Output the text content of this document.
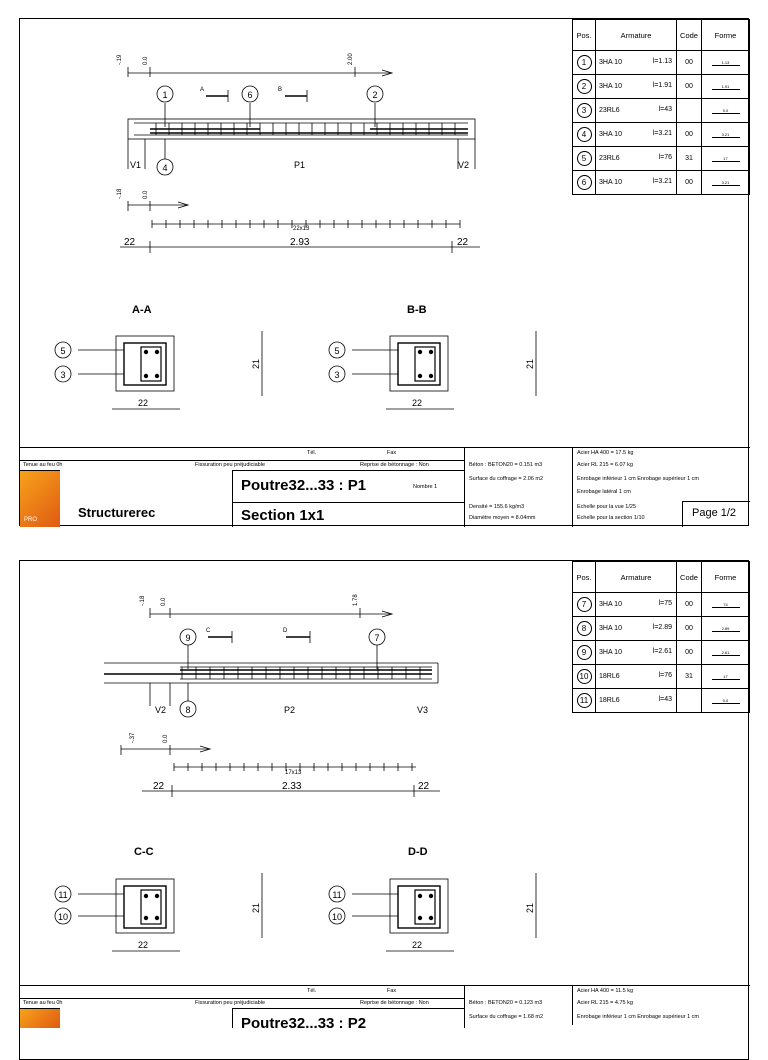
-.19	0.0	2.00
A	B
1	6	2
4
V1	V2
P1
-.18	0.0
22x13
22	2.93	22
A-A	B-B
5
3
5
3
22	22
21	21
Pos.	Armature	Code	Forme
1	3HA 10 l=1.13	00	1.13
2	3HA 10 l=1.91	00	1.91
3	23RL6 l=43		0.0
4	3HA 10 l=3.21	00	3.21
5	23RL6 l=76	31	17
6	3HA 10 l=3.21	00	3.21
Tél.	Fax
Tenue au feu 0h	Fissuration peu préjudiciable	Reprise de bétonnage : Non
PRO	Structurerec
Poutre32...33 : P1	Nombre 1
Section 1x1
Béton : BETON20 = 0.151 m3
Surface du coffrage = 2.06 m2
Densité = 155.6 kg/m3
Diamètre moyen = 8.04mm
Acier HA 400 = 17.5 kg
Acier RL 215 = 6.07 kg
Enrobage inférieur 1 cm Enrobage supérieur 1 cm
Enrobage latéral 1 cm
Echelle pour la vue 1/25
Echelle pour la section 1/10	Page 1/2
-.18	0.0	1.78
C	D
9	7
8
V2	V3
P2
-.37	0.0
17x13
22	2.33	22
C-C	D-D
11
10
11
10
22	22
21	21
Pos.	Armature	Code	Forme
7	3HA 10 l=75	00	74
8	3HA 10 l=2.89	00	2.89
9	3HA 10 l=2.61	00	2.61
10	18RL6 l=76	31	17
11	18RL6 l=43		0.0
Tél.	Fax
Tenue au feu 0h	Fissuration peu préjudiciable	Reprise de bétonnage : Non
Poutre32...33 : P2
Béton : BETON20 = 0.123 m3
Surface du coffrage = 1.68 m2
Acier HA 400 = 11.5 kg
Acier RL 215 = 4.75 kg
Enrobage inférieur 1 cm Enrobage supérieur 1 cm
